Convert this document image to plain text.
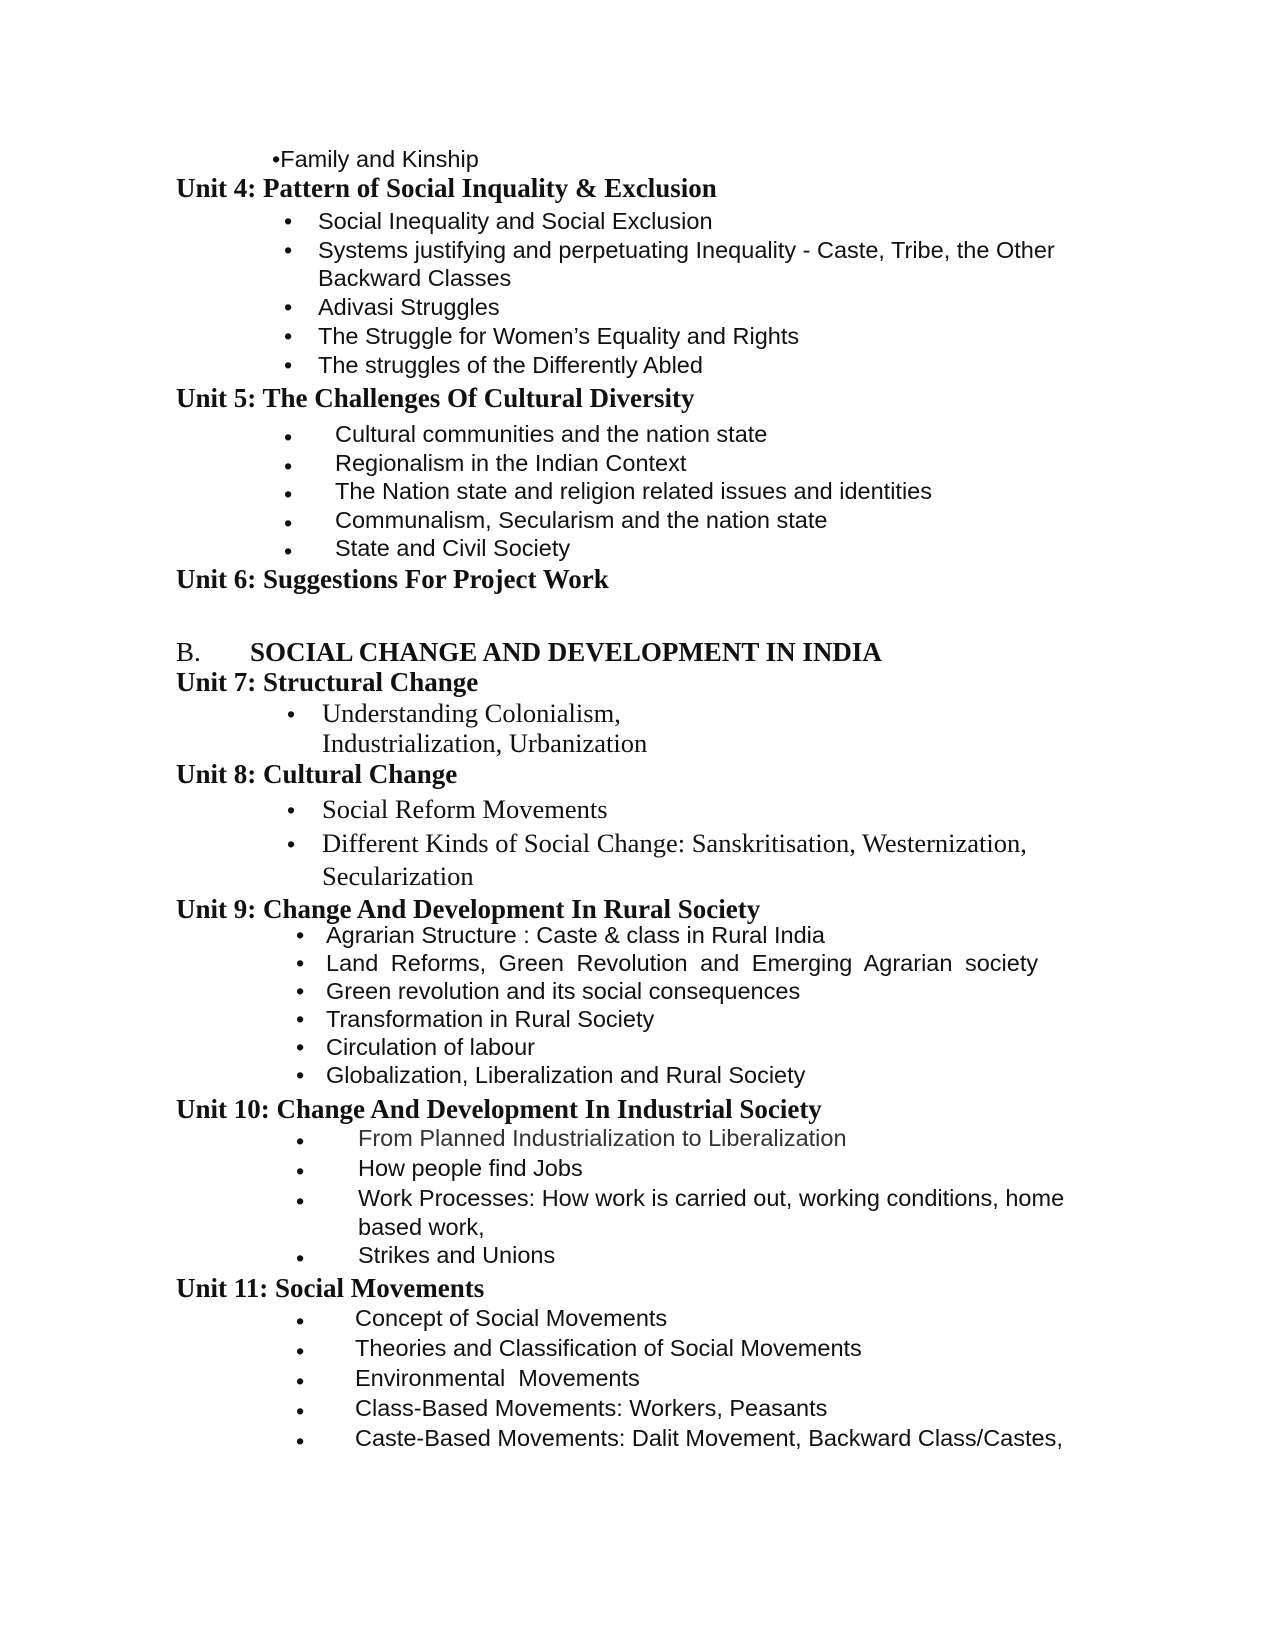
•Family and Kinship
Unit 4: Pattern of Social Inquality & Exclusion
• Social Inequality and Social Exclusion
• Systems justifying and perpetuating Inequality - Caste, Tribe, the Other
Backward Classes
• Adivasi Struggles
• The Struggle for Women’s Equality and Rights
• The struggles of the Differently Abled
Unit 5: The Challenges Of Cultural Diversity
• Cultural communities and the nation state
• Regionalism in the Indian Context
• The Nation state and religion related issues and identities
• Communalism, Secularism and the nation state
• State and Civil Society
Unit 6: Suggestions For Project Work
B. SOCIAL CHANGE AND DEVELOPMENT IN INDIA
Unit 7: Structural Change
• Understanding Colonialism,
Industrialization, Urbanization
Unit 8: Cultural Change
• Social Reform Movements
• Different Kinds of Social Change: Sanskritisation, Westernization,
Secularization
Unit 9: Change And Development In Rural Society
• Agrarian Structure : Caste & class in Rural India
• Land Reforms, Green Revolution and Emerging Agrarian society
• Green revolution and its social consequences
• Transformation in Rural Society
• Circulation of labour
• Globalization, Liberalization and Rural Society
Unit 10: Change And Development In Industrial Society
• From Planned Industrialization to Liberalization
• How people find Jobs
• Work Processes: How work is carried out, working conditions, home
based work,
• Strikes and Unions
Unit 11: Social Movements
• Concept of Social Movements
• Theories and Classification of Social Movements
• Environmental  Movements
• Class-Based Movements: Workers, Peasants
• Caste-Based Movements: Dalit Movement, Backward Class/Castes,
